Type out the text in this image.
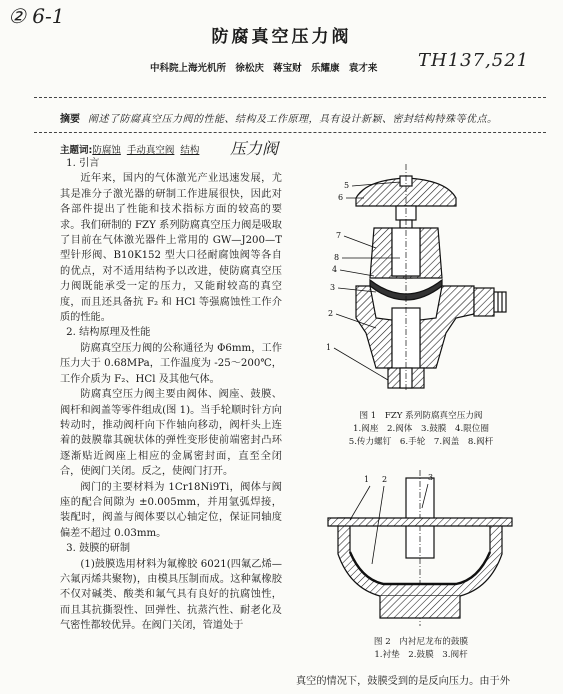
② 6-1
防腐真空压力阀
中科院上海光机所 徐松庆 蒋宝财 乐耀康 袁才来	TH137,521
摘要 阐述了防腐真空压力阀的性能、结构及工作原理，具有设计新颖、密封结构特殊等优点。
主题词:防腐蚀 手动真空阀 结构	压力阀
1. 引言

近年来，国内的气体激光产业迅速发展，尤其是准分子激光器的研制工作进展很快，因此对各部件提出了性能和技术指标方面的较高的要求。我们研制的 FZY 系列防腐真空压力阀是吸取了目前在气体激光器件上常用的 GW—J200—T 型针形阀、B10K152 型大口径耐腐蚀阀等各自的优点，对不适用结构予以改进，使防腐真空压力阀既能承受一定的压力，又能耐较高的真空度，而且还具备抗 F₂ 和 HCl 等强腐蚀性工作介质的性能。

2. 结构原理及性能

防腐真空压力阀的公称通径为 Φ6mm，工作压力大于 0.68MPa，工作温度为 -25～200℃，工作介质为 F₂、HCl 及其他气体。

防腐真空压力阀主要由阀体、阀座、鼓膜、阀杆和阀盖等零件组成(图 1)。当手轮顺时针方向转动时，推动阀杆向下作轴向移动，阀杆头上连着的鼓膜靠其碗状体的弹性变形使前端密封凸环逐渐贴近阀座上相应的金属密封面，直至全闭合，使阀门关闭。反之，使阀门打开。

阀门的主要材料为 1Cr18Ni9Ti，阀体与阀座的配合间隙为 ±0.005mm，并用氩弧焊接，装配时，阀盖与阀体要以心轴定位，保证同轴度偏差不超过 0.03mm。

3. 鼓膜的研制

(1)鼓膜选用材料为氟橡胶 6021(四氟乙烯—六氟丙烯共聚物)，由模具压制而成。这种氟橡胶不仅对碱类、酸类和氟气具有良好的抗腐蚀性，而且其抗撕裂性、回弹性、抗蒸汽性、耐老化及气密性都较优异。在阀门关闭，管道处于

5
6
7
8
4
3
2
1
图 1　FZY 系列防腐真空压力阀
1.阀座　2.阀体　3.鼓膜　4.限位圈
5.传力螺钉　6.手轮　7.阀盖　8.阀杆
1 2	3
图 2　内衬尼龙布的鼓膜
1.衬垫　2.鼓膜　3.阀杆
真空的情况下，鼓膜受到的是反向压力。由于外
